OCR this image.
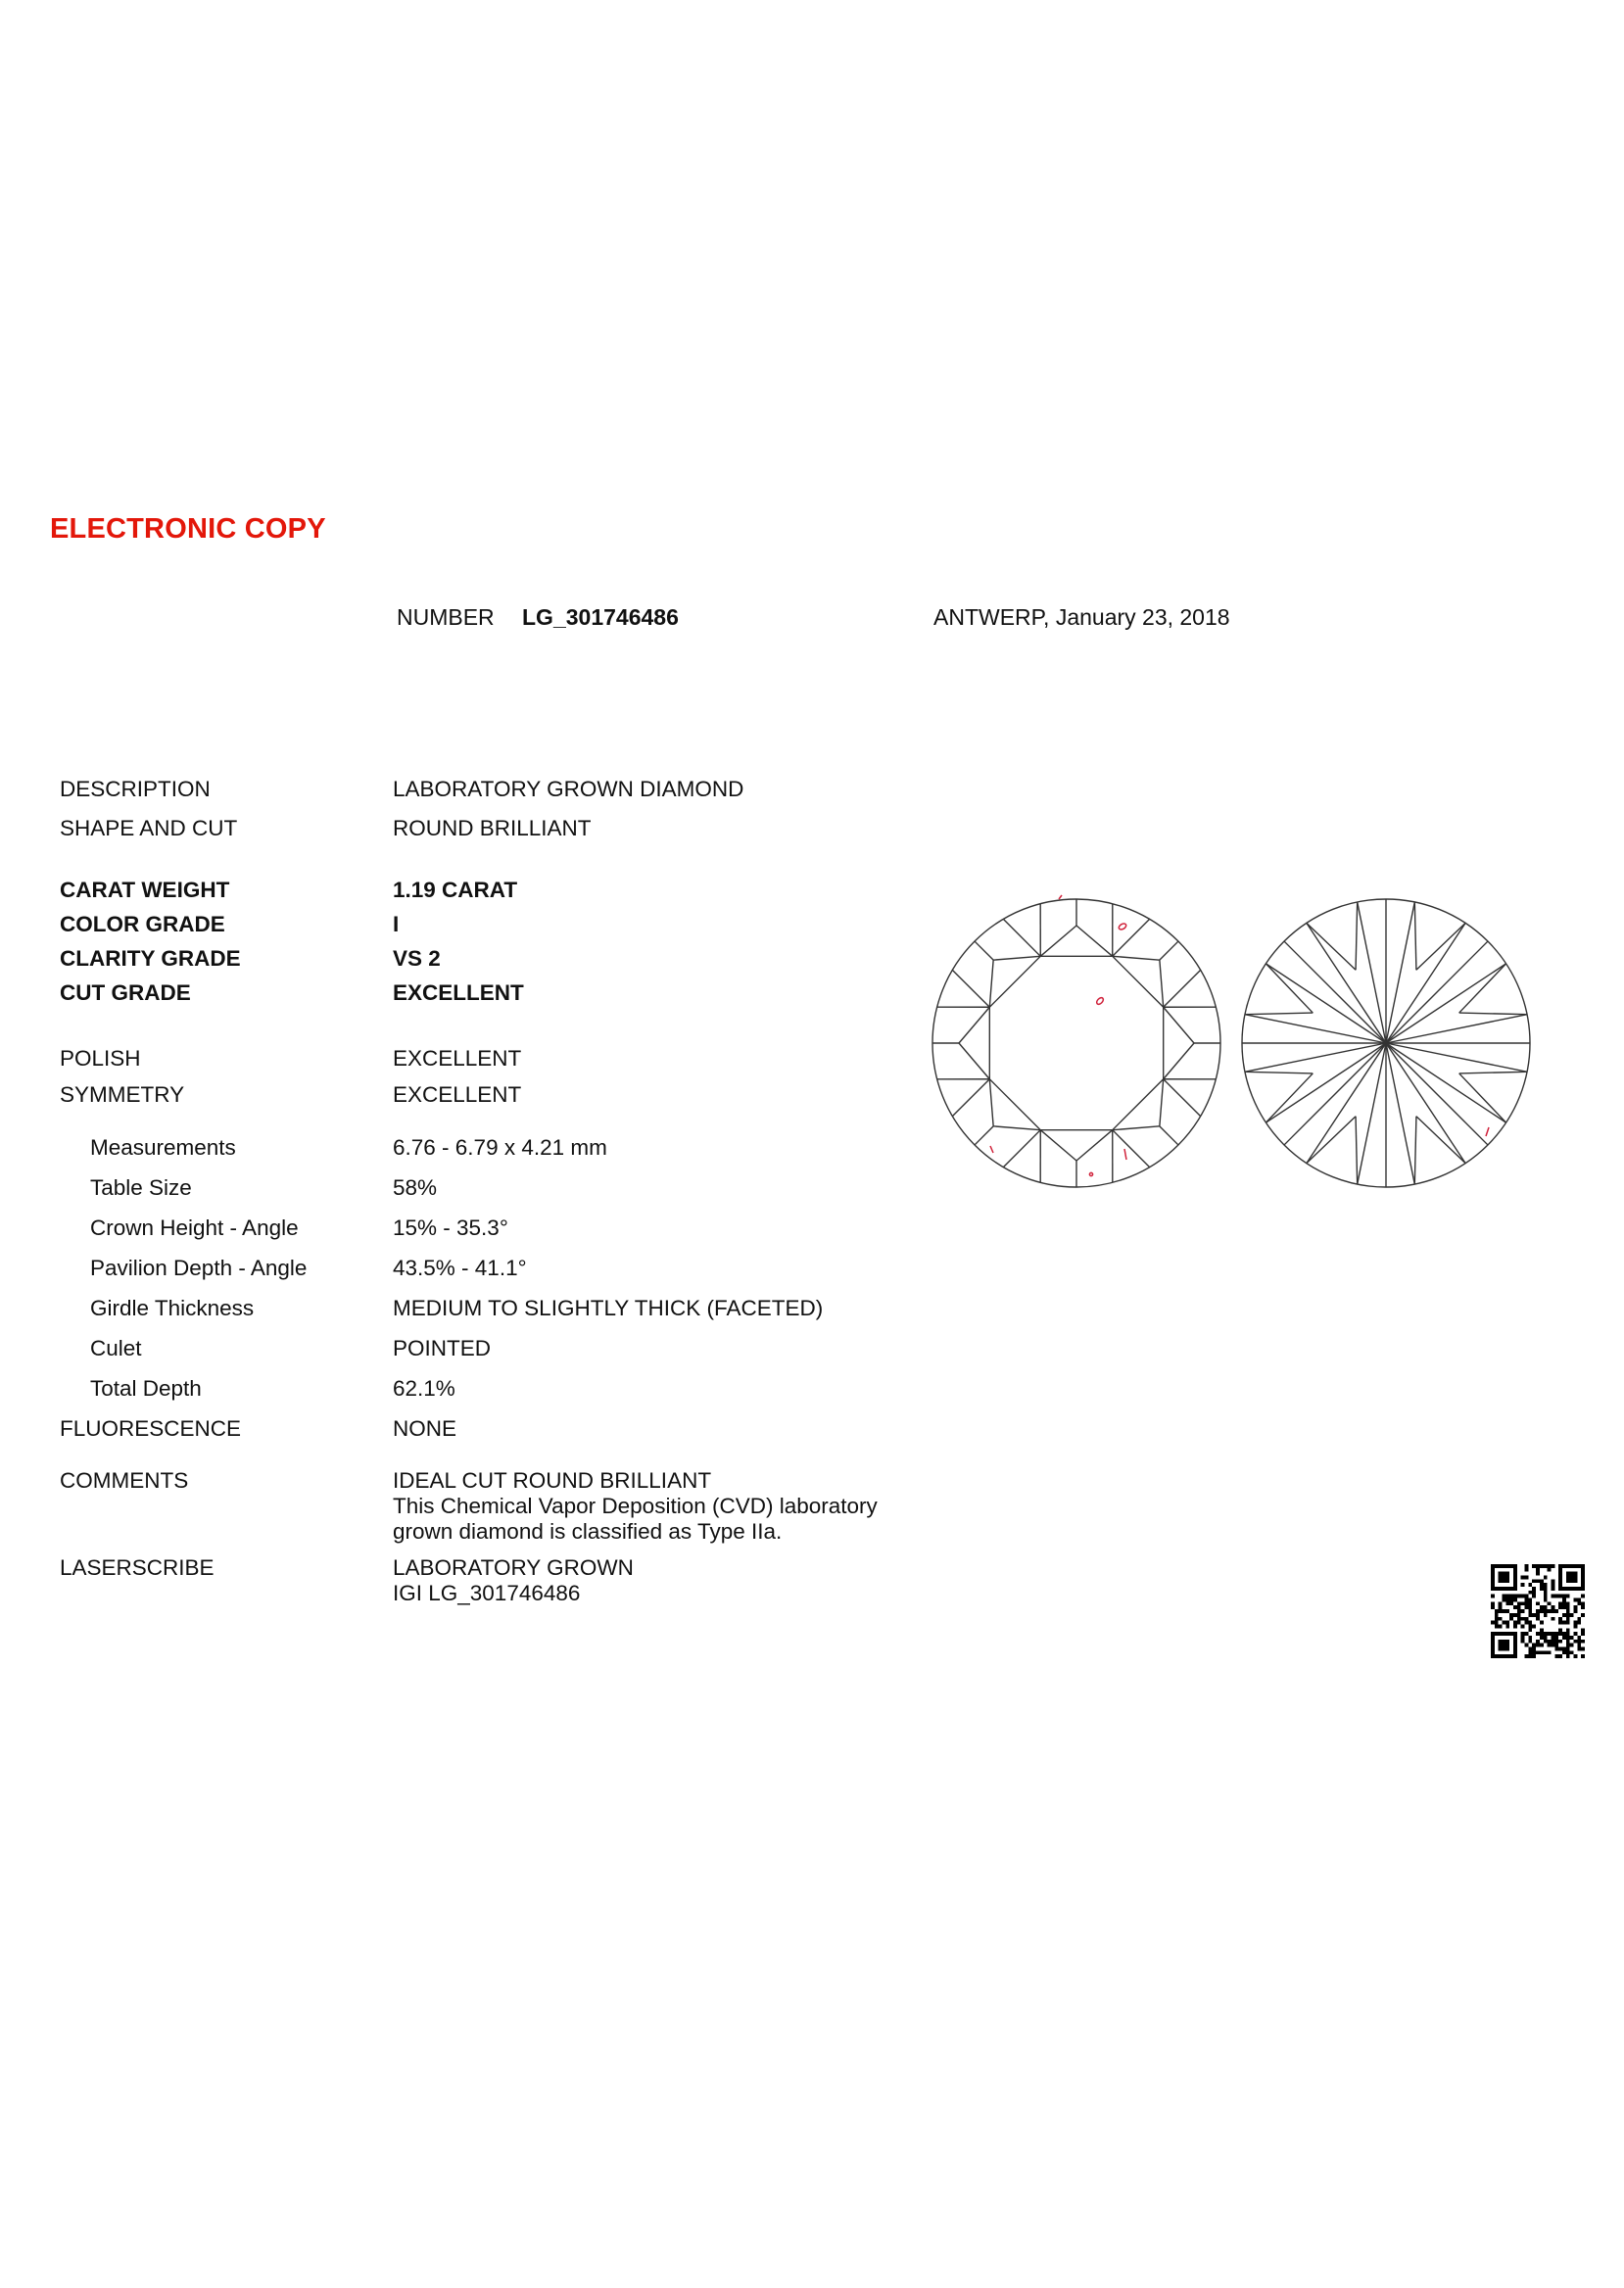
ELECTRONIC COPY
NUMBER LG_301746486	ANTWERP, January 23, 2018
DESCRIPTION	LABORATORY GROWN DIAMOND
SHAPE AND CUT	ROUND BRILLIANT
CARAT WEIGHT	1.19 CARAT
COLOR GRADE	I
CLARITY GRADE	VS 2
CUT GRADE	EXCELLENT
POLISH	EXCELLENT
SYMMETRY	EXCELLENT
Measurements	6.76 - 6.79 x 4.21 mm
Table Size	58%
Crown Height - Angle	15% - 35.3°
Pavilion Depth - Angle	43.5% - 41.1°
Girdle Thickness	MEDIUM TO SLIGHTLY THICK (FACETED)
Culet	POINTED
Total Depth	62.1%
FLUORESCENCE	NONE
COMMENTS	IDEAL CUT ROUND BRILLIANT
This Chemical Vapor Deposition (CVD) laboratory
grown diamond is classified as Type IIa.
LASERSCRIBE	LABORATORY GROWN
IGI LG_301746486
